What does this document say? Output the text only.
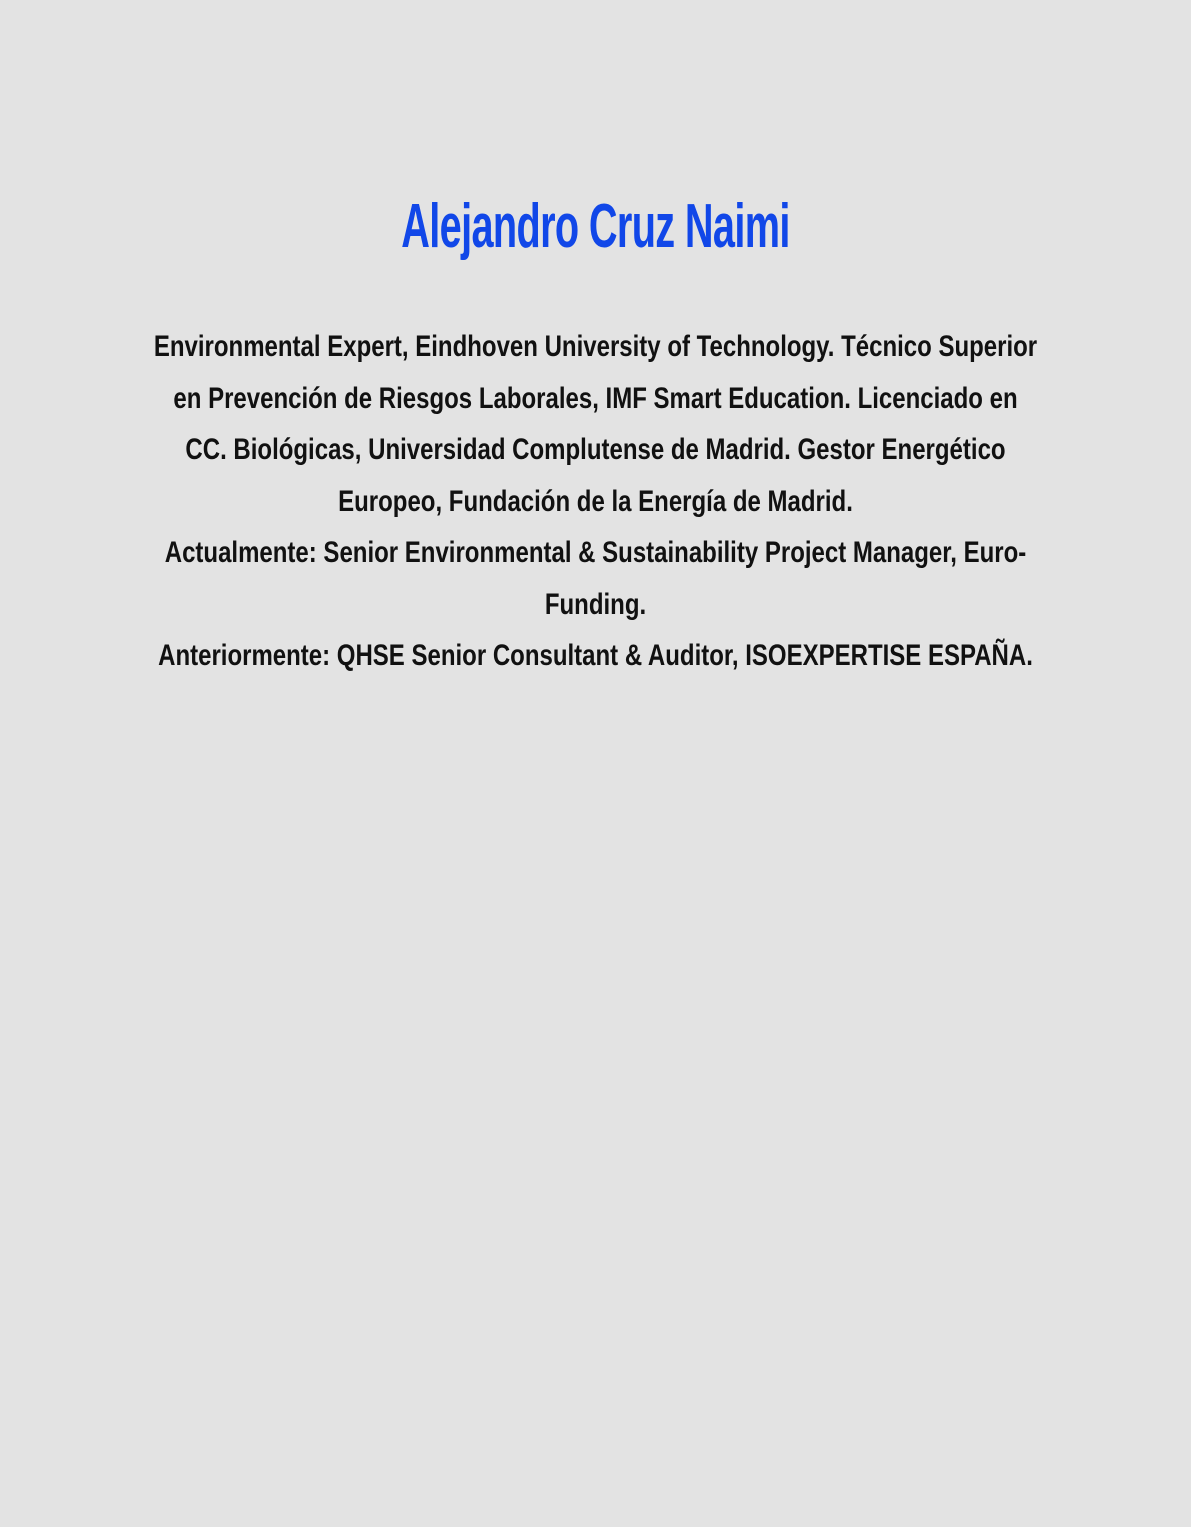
Alejandro Cruz Naimi
Environmental Expert, Eindhoven University of Technology. Técnico Superior
en Prevención de Riesgos Laborales, IMF Smart Education. Licenciado en
CC. Biológicas, Universidad Complutense de Madrid. Gestor Energético
Europeo, Fundación de la Energía de Madrid.
Actualmente: Senior Environmental & Sustainability Project Manager, Euro-
Funding.
Anteriormente: QHSE Senior Consultant & Auditor, ISOEXPERTISE ESPAÑA.
